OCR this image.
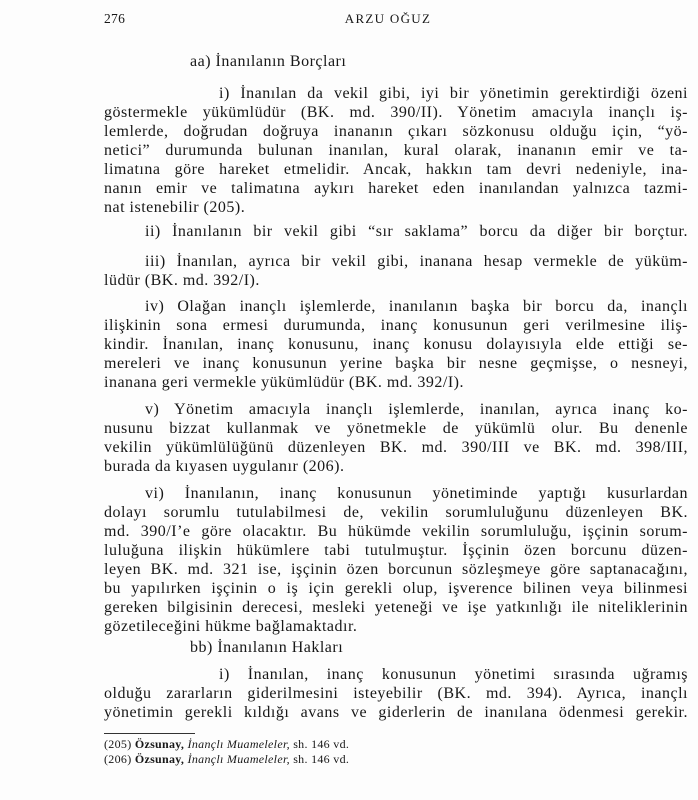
276	ARZU OĞUZ
aa) İnanılanın Borçları
i) İnanılan da vekil gibi, iyi bir yönetimin gerektirdiği özeni
göstermekle yükümlüdür (BK. md. 390/II). Yönetim amacıyla inançlı iş-
lemlerde, doğrudan doğruya inananın çıkarı sözkonusu olduğu için, “yö-
netici” durumunda bulunan inanılan, kural olarak, inananın emir ve ta-
limatına göre hareket etmelidir. Ancak, hakkın tam devri nedeniyle, ina-
nanın emir ve talimatına aykırı hareket eden inanılandan yalnızca tazmi-
nat istenebilir (205).
ii) İnanılanın bir vekil gibi “sır saklama” borcu da diğer bir borçtur.
iii) İnanılan, ayrıca bir vekil gibi, inanana hesap vermekle de yüküm-
lüdür (BK. md. 392/I).
iv) Olağan inançlı işlemlerde, inanılanın başka bir borcu da, inançlı
ilişkinin sona ermesi durumunda, inanç konusunun geri verilmesine iliş-
kindir. İnanılan, inanç konusunu, inanç konusu dolayısıyla elde ettiği se-
mereleri ve inanç konusunun yerine başka bir nesne geçmişse, o nesneyi,
inanana geri vermekle yükümlüdür (BK. md. 392/I).
v) Yönetim amacıyla inançlı işlemlerde, inanılan, ayrıca inanç ko-
nusunu bizzat kullanmak ve yönetmekle de yükümlü olur. Bu denenle
vekilin yükümlülüğünü düzenleyen BK. md. 390/III ve BK. md. 398/III,
burada da kıyasen uygulanır (206).
vi) İnanılanın, inanç konusunun yönetiminde yaptığı kusurlardan
dolayı sorumlu tutulabilmesi de, vekilin sorumluluğunu düzenleyen BK.
md. 390/I’e göre olacaktır. Bu hükümde vekilin sorumluluğu, işçinin sorum-
luluğuna ilişkin hükümlere tabi tutulmuştur. İşçinin özen borcunu düzen-
leyen BK. md. 321 ise, işçinin özen borcunun sözleşmeye göre saptanacağını,
bu yapılırken işçinin o iş için gerekli olup, işverence bilinen veya bilinmesi
gereken bilgisinin derecesi, mesleki yeteneği ve işe yatkınlığı ile niteliklerinin
gözetileceğini hükme bağlamaktadır.
bb) İnanılanın Hakları
i) İnanılan, inanç konusunun yönetimi sırasında uğramış
olduğu zararların giderilmesini isteyebilir (BK. md. 394). Ayrıca, inançlı
yönetimin gerekli kıldığı avans ve giderlerin de inanılana ödenmesi gerekir.
(205) Özsunay, İnançlı Muameleler, sh. 146 vd.
(206) Özsunay, İnançlı Muameleler, sh. 146 vd.
